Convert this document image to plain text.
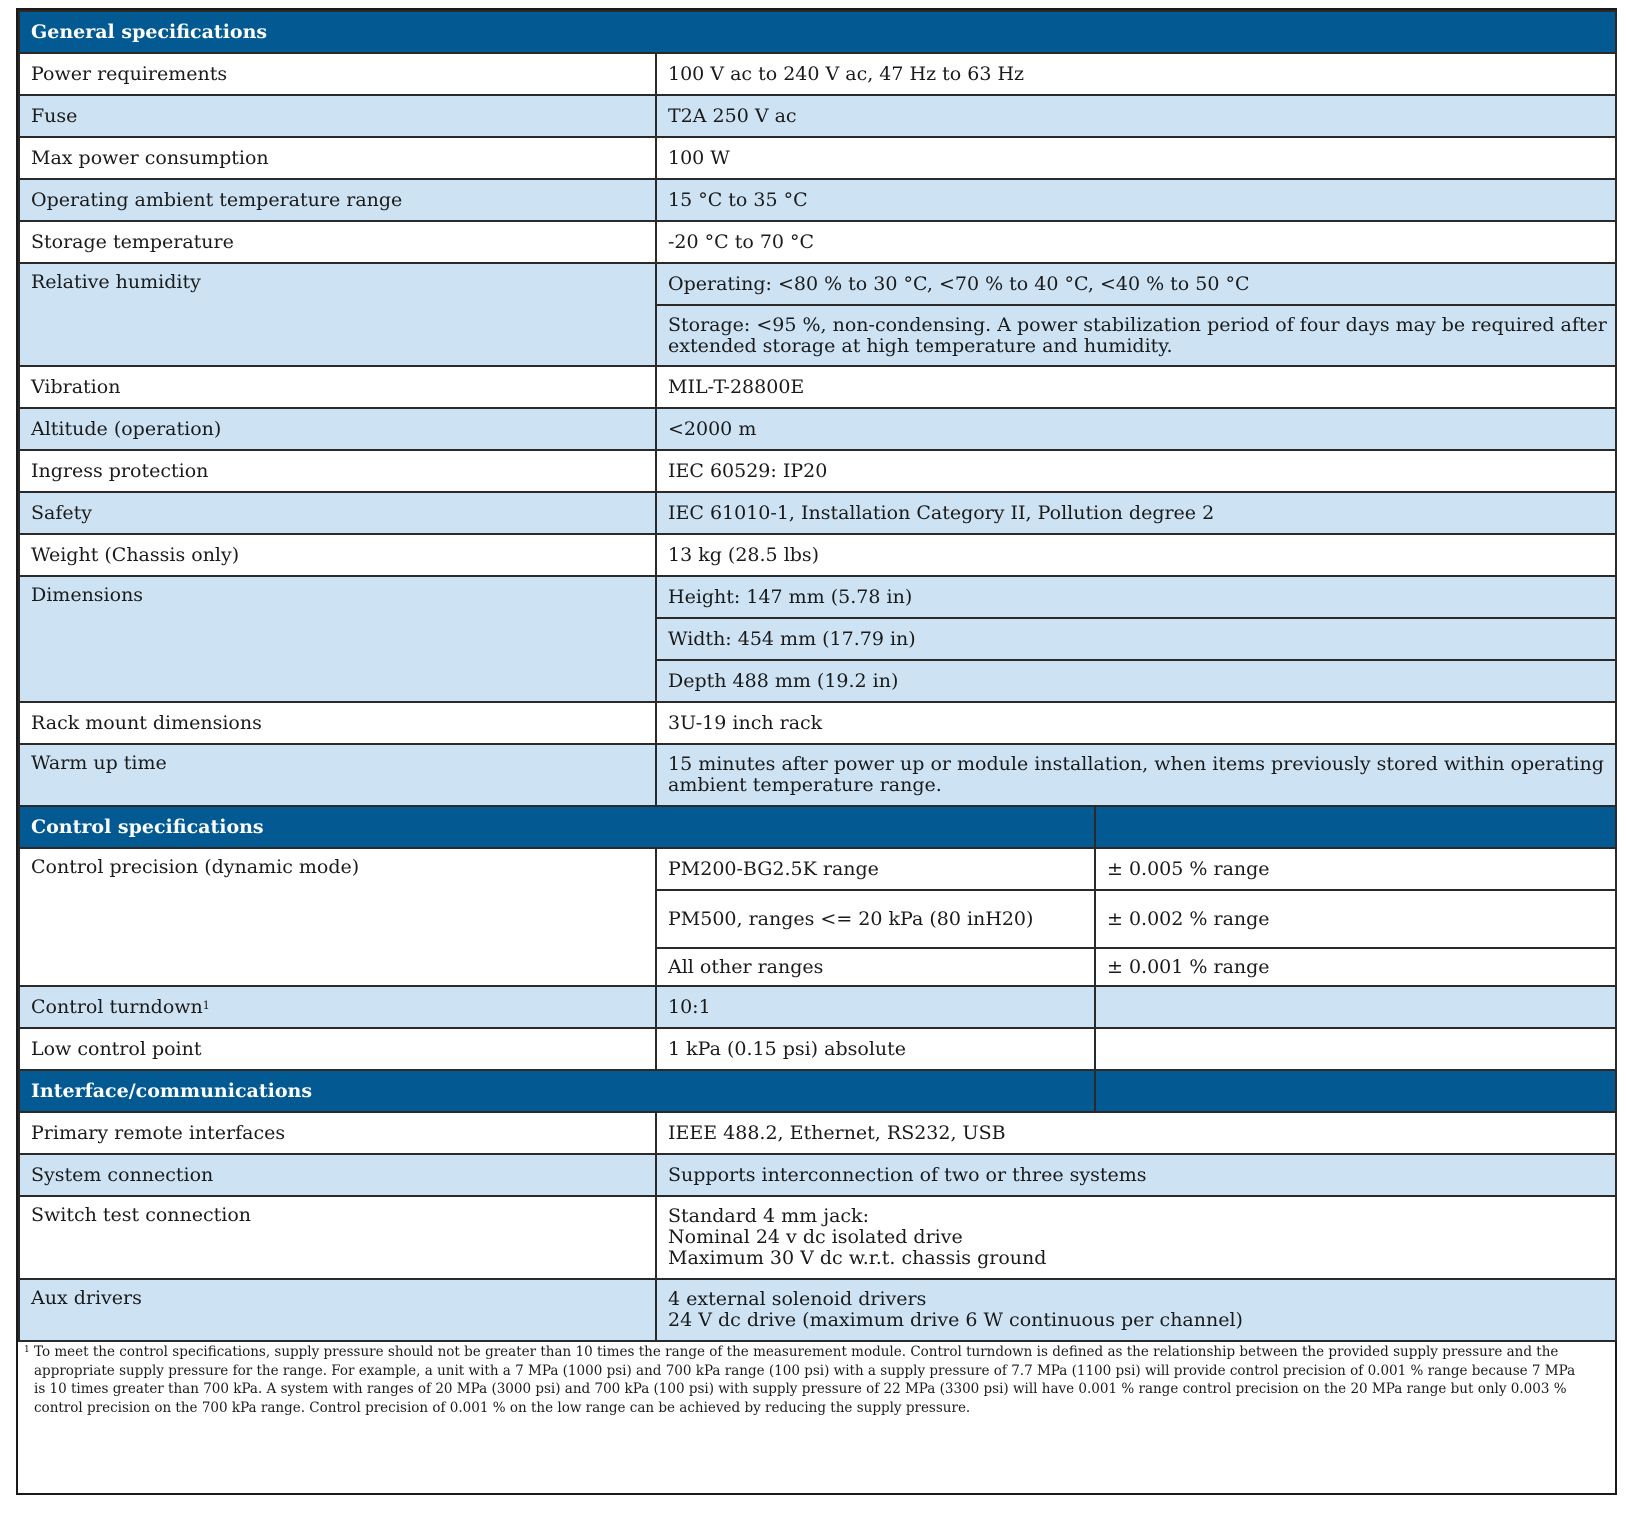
General specifications		
Power requirements	100 V ac to 240 V ac, 47 Hz to 63 Hz	
Fuse	T2A 250 V ac	
Max power consumption	100 W	
Operating ambient temperature range	15 °C to 35 °C	
Storage temperature	-20 °C to 70 °C	
Relative humidity	Operating: <80 % to 30 °C, <70 % to 40 °C, <40 % to 50 °C	

	Storage: <95 %, non-condensing. A power stabilization period of four days may be required after
extended storage at high temperature and humidity.	

Vibration	MIL-T-28800E	
Altitude (operation)	<2000 m	
Ingress protection	IEC 60529: IP20	
Safety	IEC 61010-1, Installation Category II, Pollution degree 2	
Weight (Chassis only)	13 kg (28.5 lbs)	
Dimensions	Height: 147 mm (5.78 in)	
	Width: 454 mm (17.79 in)	
	Depth 488 mm (19.2 in)	
Rack mount dimensions	3U-19 inch rack	
Warm up time	15 minutes after power up or module installation, when items previously stored within operating
ambient temperature range.	

Control specifications		
Control precision (dynamic mode)	PM200-BG2.5K range	± 0.005 % range
	PM500, ranges <= 20 kPa (80 inH20)	± 0.002 % range
	All other ranges	± 0.001 % range
Control turndown$^1$	10:1	
Low control point	1 kPa (0.15 psi) absolute	
Interface/communications		
Primary remote interfaces	IEEE 488.2, Ethernet, RS232, USB	
System connection	Supports interconnection of two or three systems	
Switch test connection	Standard 4 mm jack:
Nominal 24 v dc isolated drive
Maximum 30 V dc w.r.t. chassis ground	

Aux drivers	4 external solenoid drivers
24 V dc drive (maximum drive 6 W continuous per channel)	
1 To meet the control specifications, supply pressure should not be greater than 10 times the range of the measurement module. Control turndown is defined as the relationship between the provided supply pressure and the appropriate supply pressure for the range. For example, a unit with a 7 MPa (1000 psi) and 700 kPa range (100 psi) with a supply pressure of 7.7 MPa (1100 psi) will provide control precision of 0.001 % range because 7 MPa is 10 times greater than 700 kPa. A system with ranges of 20 MPa (3000 psi) and 700 kPa (100 psi) with supply pressure of 22 MPa (3300 psi) will have 0.001 % range control precision on the 20 MPa range but only 0.003 % control precision on the 700 kPa range. Control precision of 0.001 % on the low range can be achieved by reducing the supply pressure.
